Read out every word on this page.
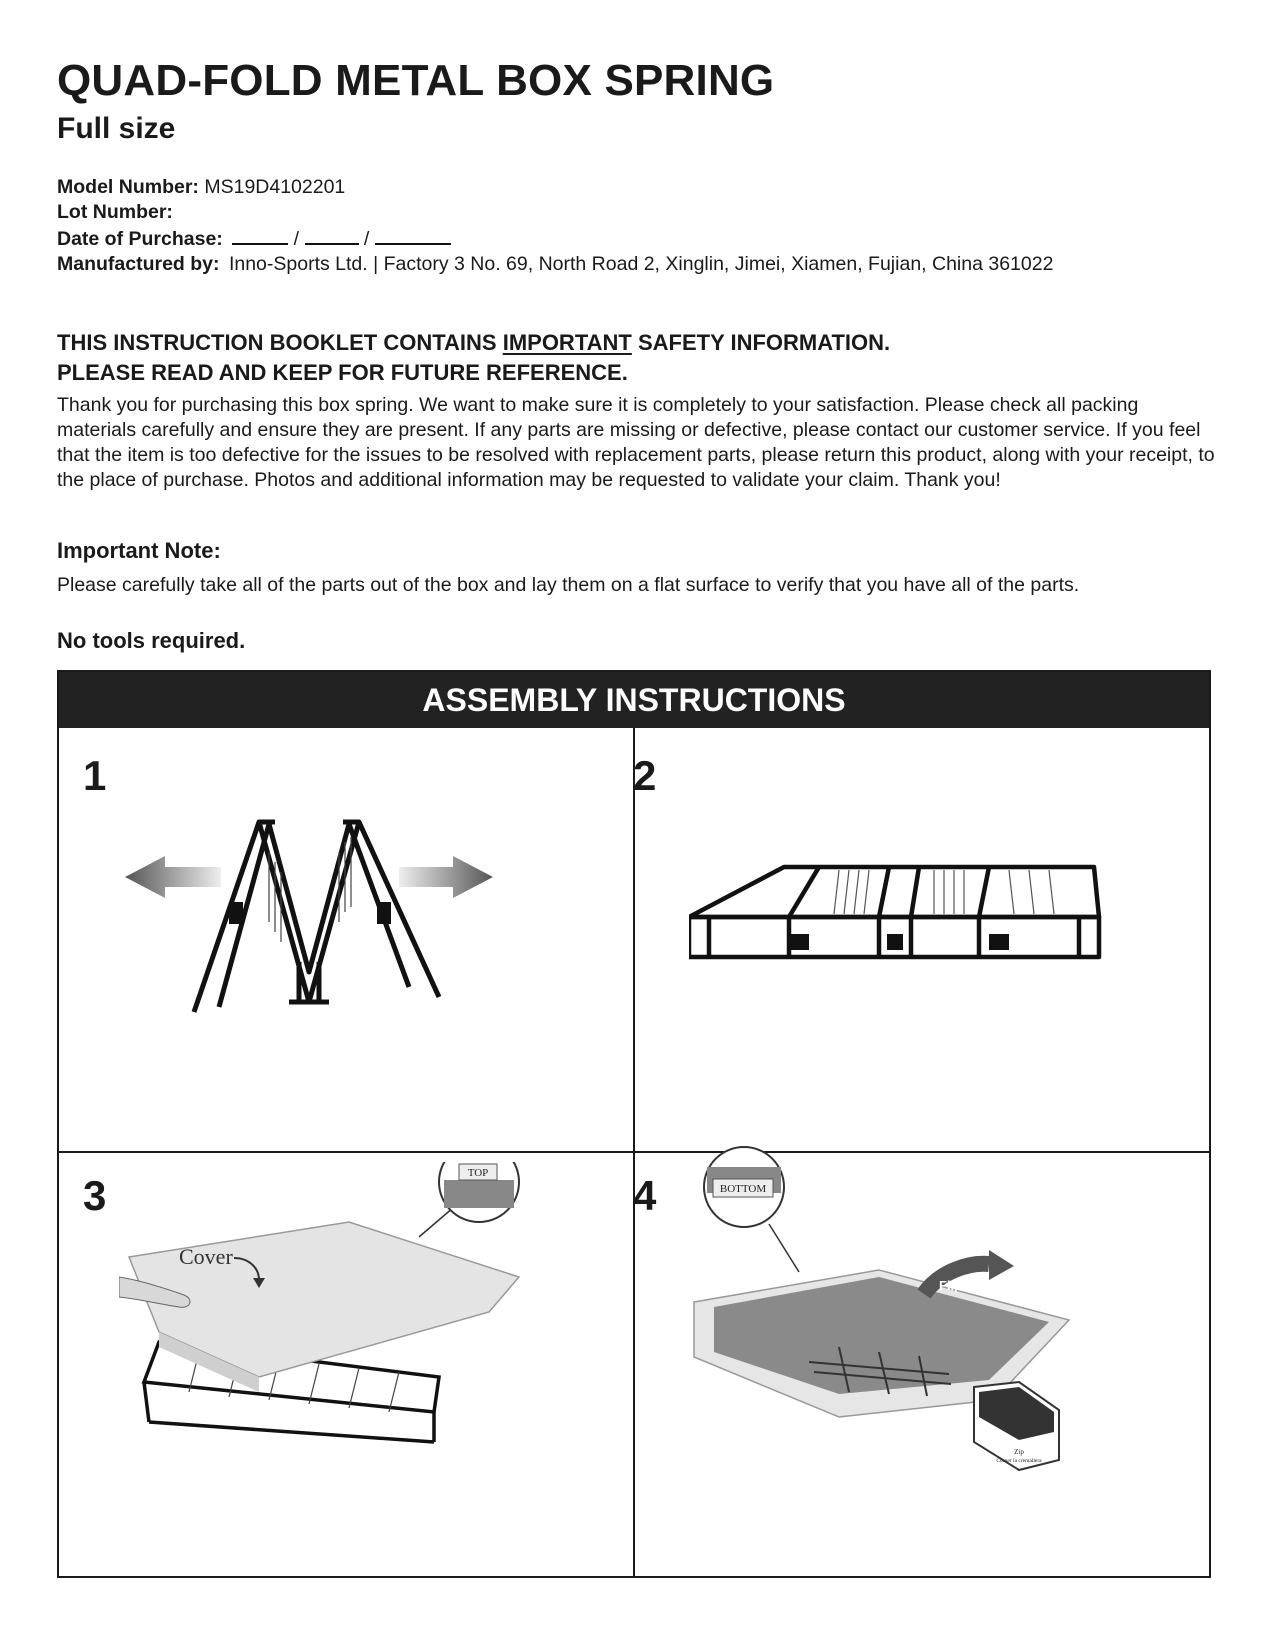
QUAD-FOLD METAL BOX SPRING
Full size
Model Number: MS19D4102201
Lot Number:
Date of Purchase:	/	/
Manufactured by: Inno-Sports Ltd. | Factory 3 No. 69, North Road 2, Xinglin, Jimei, Xiamen, Fujian, China 361022
THIS INSTRUCTION BOOKLET CONTAINS IMPORTANT SAFETY INFORMATION.
PLEASE READ AND KEEP FOR FUTURE REFERENCE.
Thank you for purchasing this box spring. We want to make sure it is completely to your satisfaction. Please check all packing materials carefully and ensure they are present. If any parts are missing or defective, please contact our customer service. If you feel that the item is too defective for the issues to be resolved with replacement parts, please return this product, along with your receipt, to the place of purchase. Photos and additional information may be requested to validate your claim. Thank you!
Important Note:
Please carefully take all of the parts out of the box and lay them on a flat surface to verify that you have all of the parts.
No tools required.
ASSEMBLY INSTRUCTIONS
1	2
3
Cover
TOP	4	BOTTOM
Flip
Zip
Corner la cremallera
